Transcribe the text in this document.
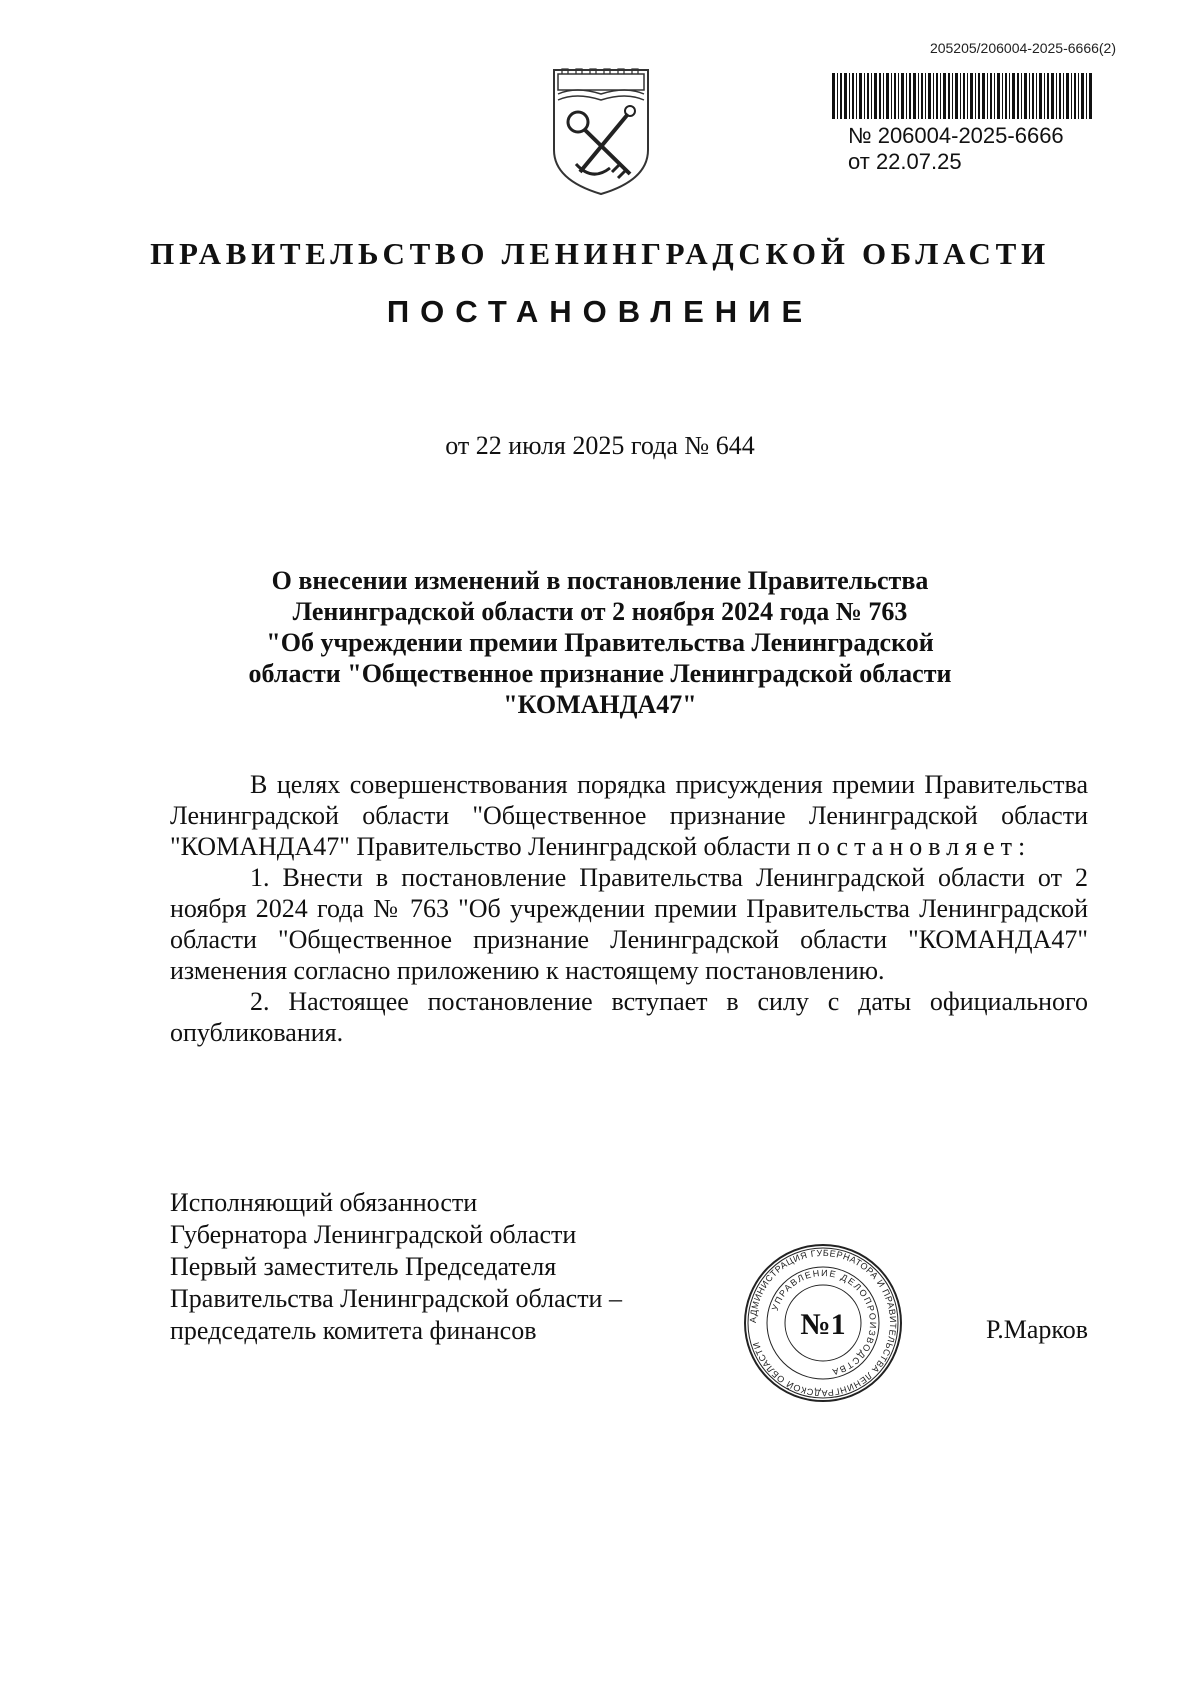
205205/206004-2025-6666(2)
№ 206004-2025-6666
от 22.07.25
ПРАВИТЕЛЬСТВО ЛЕНИНГРАДСКОЙ ОБЛАСТИ
ПОСТАНОВЛЕНИЕ
от 22 июля 2025 года № 644
О внесении изменений в постановление Правительства
Ленинградской области от 2 ноября 2024 года № 763
"Об учреждении премии Правительства Ленинградской
области "Общественное признание Ленинградской области
"КОМАНДА47"

В целях совершенствования порядка присуждения премии Правительства Ленинградской области "Общественное признание Ленинградской области "КОМАНДА47" Правительство Ленинградской области постановляет:

1. Внести в постановление Правительства Ленинградской области от 2 ноября 2024 года № 763 "Об учреждении премии Правительства Ленинградской области "Общественное признание Ленинградской области "КОМАНДА47" изменения согласно приложению к настоящему постановлению.

2. Настоящее постановление вступает в силу с даты официального опубликования.

Исполняющий обязанности
Губернатора Ленинградской области
Первый заместитель Председателя
Правительства Ленинградской области –
председатель комитета финансов	АДМИНИСТРАЦИЯ ГУБЕРНАТОРА И ПРАВИТЕЛЬСТВА ЛЕНИНГРАДСКОЙ ОБЛАСТИ
УПРАВЛЕНИЕ ДЕЛОПРОИЗВОДСТВА
№1	Р.Марков
